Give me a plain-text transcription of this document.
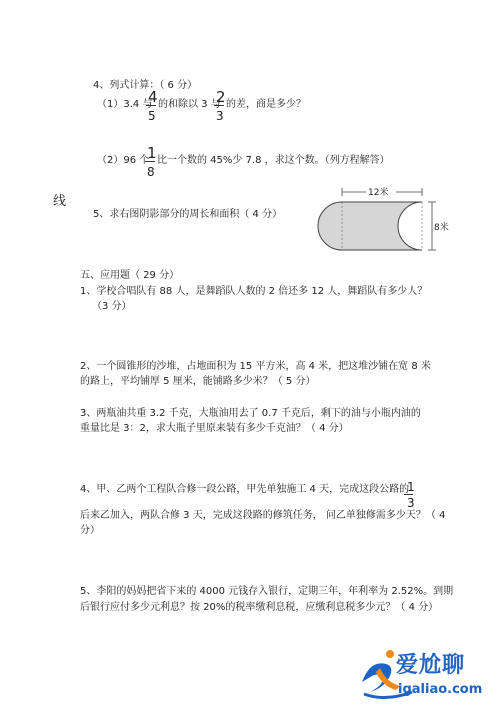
线
4、列式计算：（ 6 分）
（1）3.4 与
4
5
的和除以 3 与
2
3
的差，商是多少？
（2）96 个
1
8
比一个数的 45%少 7.8 ，求这个数。（列方程解答）
5、求右图阴影部分的周长和面积（ 4 分）
12米
8米
五、应用题（ 29 分）
1、学校合唱队有 88 人，是舞蹈队人数的 2 倍还多 12 人，舞蹈队有多少人？
（3 分）
2、一个圆锥形的沙堆，占地面积为 15 平方米，高 4 米，把这堆沙铺在宽 8 米
的路上，平均铺厚 5 厘米，能铺路多少米？（ 5 分）
3、两瓶油共重 3.2 千克，大瓶油用去了 0.7 千克后，剩下的油与小瓶内油的
重量比是 3：2，求大瓶子里原来装有多少千克油？（ 4 分）
4、甲、乙两个工程队合修一段公路，甲先单独施工 4 天，完成这段公路的
1
3
后来乙加入，两队合修 3 天，完成这段路的修筑任务， 问乙单独修需多少天？（ 4
分）
5、李阳的妈妈把省下来的 4000 元钱存入银行，定期三年，年利率为 2.52%。到期
后银行应付多少元利息？按 20%的税率缴利息税，应缴利息税多少元？（ 4 分）
爱尬聊
igaliao.com
